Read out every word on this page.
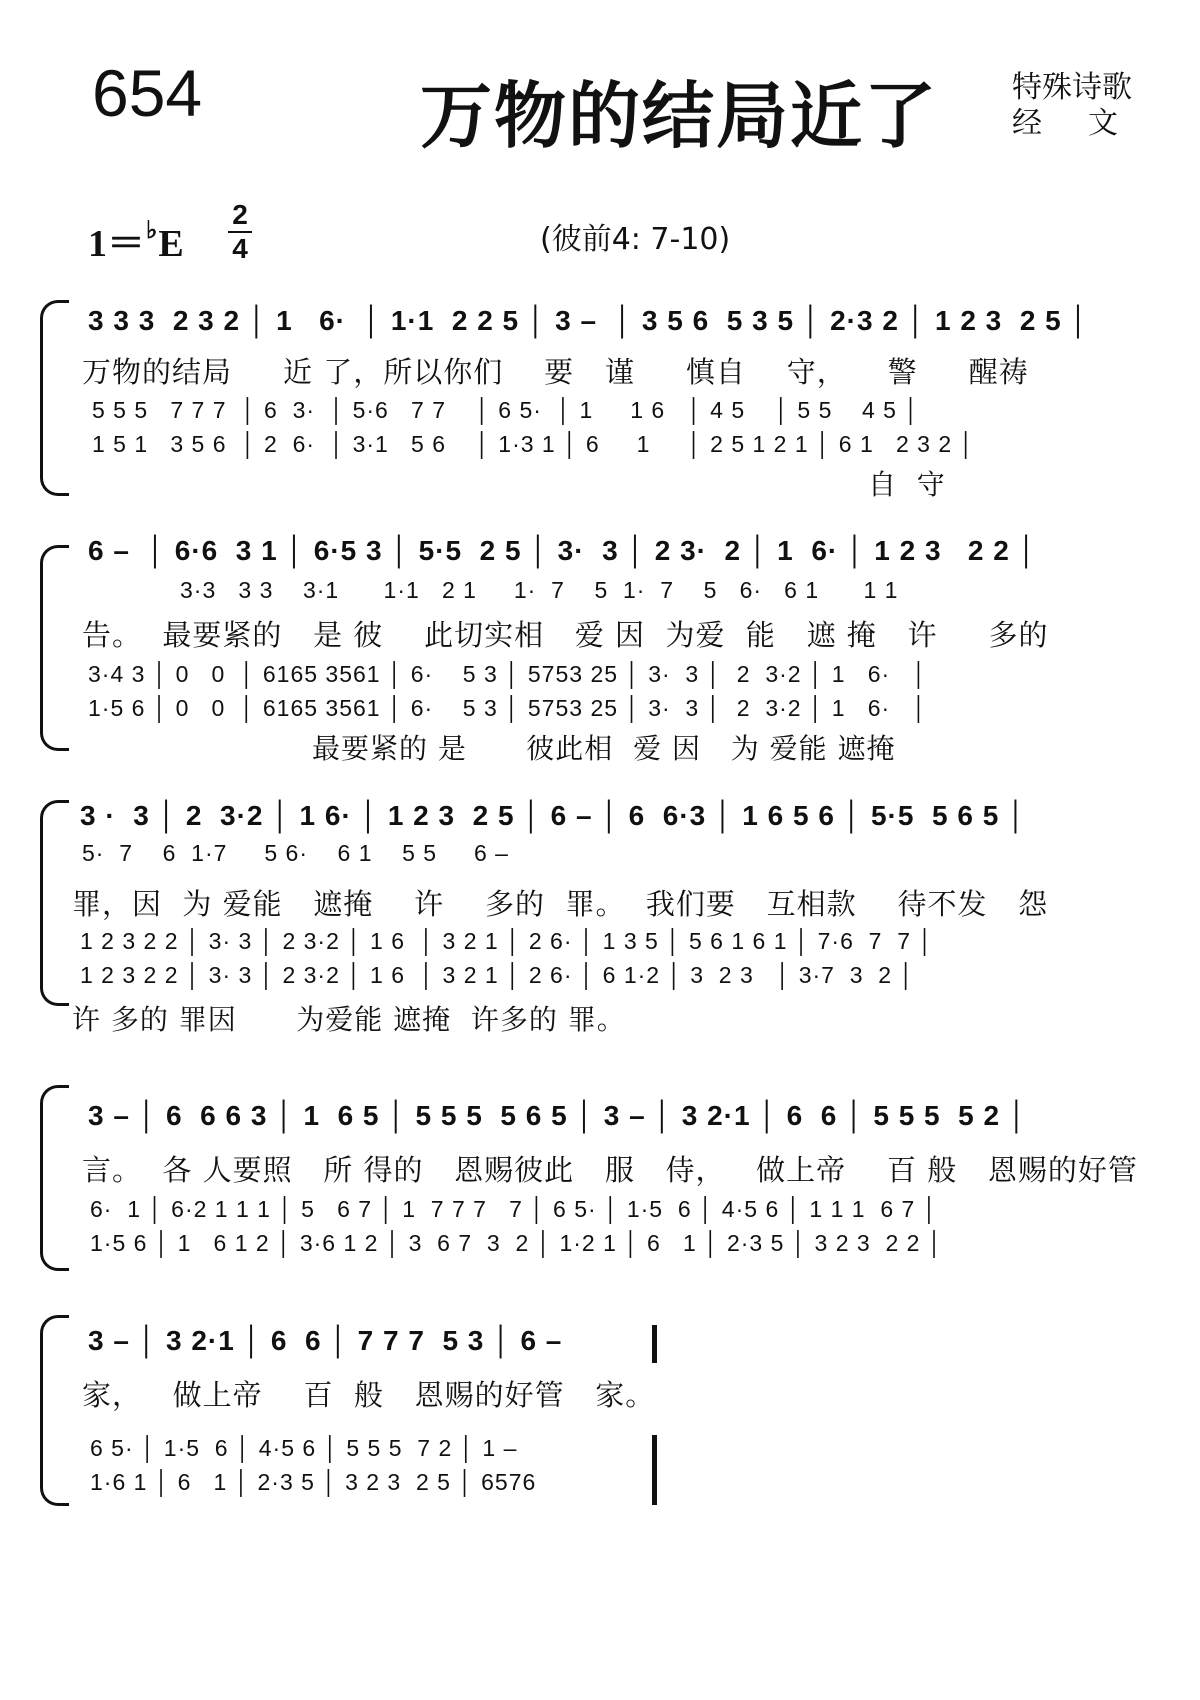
654	万物的结局近了 特殊诗歌
经文
1＝♭E
2
4	(彼前4: 7-10)
3 3 3  2 3 2 │ 1   6·  │ 1·1  2 2 5 │ 3 –  │ 3 5 6  5 3 5 │ 2·3 2 │ 1 2 3  2 5 │
万物的结局     近 了，所以你们    要   谨     慎自    守，    警     醒祷
5 5 5   7 7 7  │ 6  3·  │ 5·6   7 7    │ 6 5·  │ 1     1 6   │ 4 5    │ 5 5    4 5 │
1 5 1   3 5 6  │ 2  6·  │ 3·1   5 6    │ 1·3 1 │ 6     1     │ 2 5 1 2 1 │ 6 1   2 3 2 │
自  守
6 –  │ 6·6  3 1 │ 6·5 3 │ 5·5  2 5 │ 3·  3 │ 2 3·  2 │ 1  6· │ 1 2 3   2 2 │
3·3   3 3    3·1      1·1   2 1     1·  7    5  1·  7    5   6·   6 1      1 1
告。  最要紧的   是 彼    此切实相   爱 因  为爱  能   遮 掩   许     多的
3·4 3 │ 0   0  │ 6165 3561 │ 6·    5 3 │ 5753 25 │ 3·  3 │  2  3·2 │ 1   6·   │
1·5 6 │ 0   0  │ 6165 3561 │ 6·    5 3 │ 5753 25 │ 3·  3 │  2  3·2 │ 1   6·   │
最要紧的 是      彼此相  爱 因   为 爱能 遮掩
3 ·  3 │ 2  3·2 │ 1 6· │ 1 2 3  2 5 │ 6 – │ 6  6·3 │ 1 6 5 6 │ 5·5  5 6 5 │
5·  7    6  1·7     5 6·    6 1    5 5     6 –
罪，因  为 爱能   遮掩    许    多的  罪。  我们要   互相款    待不发   怨
1 2 3 2 2 │ 3· 3 │ 2 3·2 │ 1 6  │ 3 2 1 │ 2 6· │ 1 3 5 │ 5 6 1 6 1 │ 7·6  7  7 │
1 2 3 2 2 │ 3· 3 │ 2 3·2 │ 1 6  │ 3 2 1 │ 2 6· │ 6 1·2 │ 3  2 3   │ 3·7  3  2 │
许 多的 罪因      为爱能 遮掩  许多的 罪。
3 – │ 6  6 6 3 │ 1  6 5 │ 5 5 5  5 6 5 │ 3 – │ 3 2·1 │ 6  6 │ 5 5 5  5 2 │
言。  各 人要照   所 得的   恩赐彼此   服   侍，   做上帝    百 般   恩赐的好管
6·  1 │ 6·2 1 1 1 │ 5   6 7 │ 1  7 7 7   7 │ 6 5· │ 1·5  6 │ 4·5 6 │ 1 1 1  6 7 │
1·5 6 │ 1   6 1 2 │ 3·6 1 2 │ 3  6 7  3  2 │ 1·2 1 │ 6   1 │ 2·3 5 │ 3 2 3  2 2 │
3 – │ 3 2·1 │ 6  6 │ 7 7 7  5 3 │ 6 –
家，   做上帝    百  般   恩赐的好管   家。
6 5· │ 1·5  6 │ 4·5 6 │ 5 5 5  7 2 │ 1 –
1·6 1 │ 6   1 │ 2·3 5 │ 3 2 3  2 5 │ 6576
